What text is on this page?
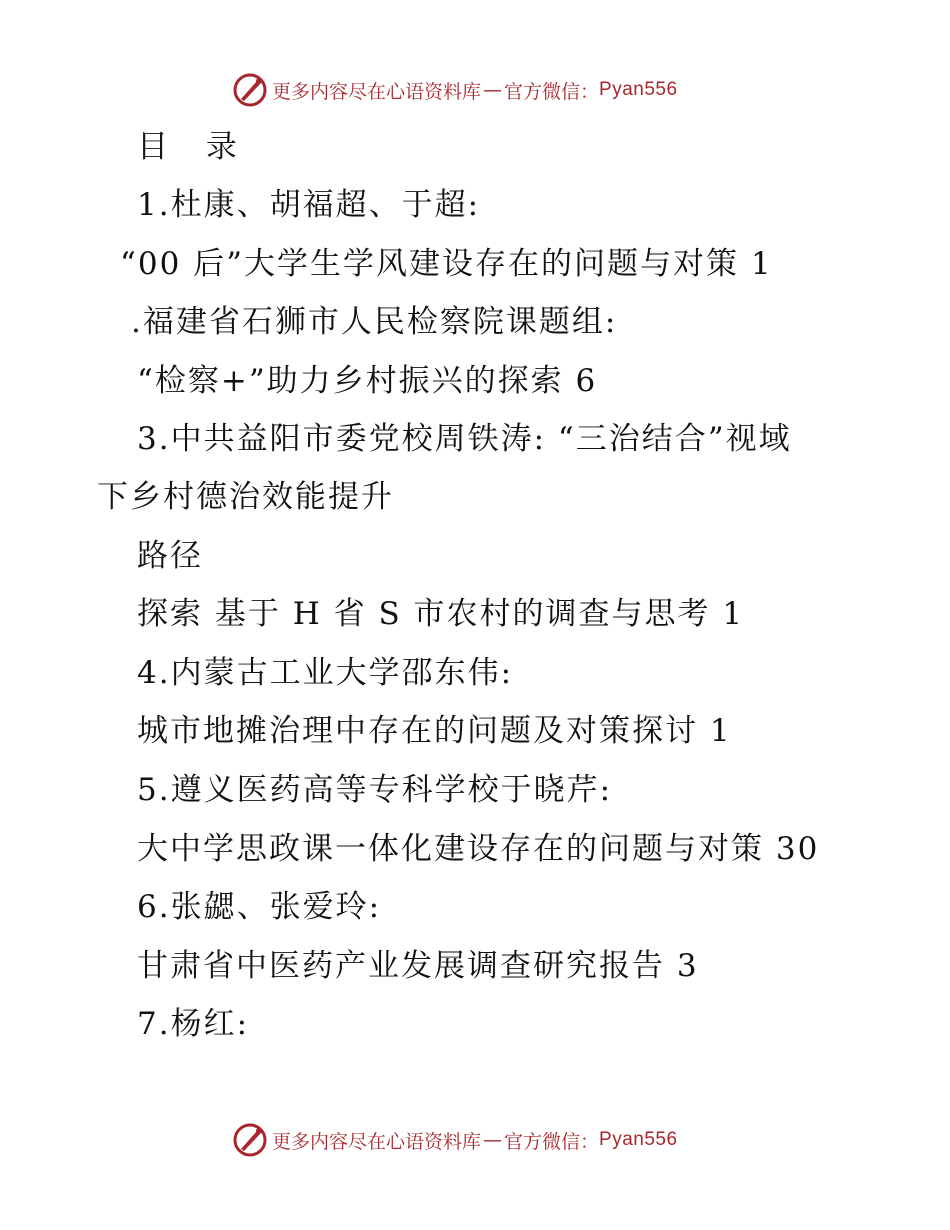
更多内容尽在心语资料库 — 官方微信： Pyan556
目 录
1.杜康、胡福超、于超:
“00 后”大学生学风建设存在的问题与对策 1
.福建省石狮市人民检察院课题组:
“检察+”助力乡村振兴的探索 6
3.中共益阳市委党校周铁涛: “三治结合”视域
下乡村德治效能提升
路径
探索 基于 H 省 S 市农村的调查与思考 1
4.内蒙古工业大学邵东伟:
城市地摊治理中存在的问题及对策探讨 1
5.遵义医药高等专科学校于晓芹:
大中学思政课一体化建设存在的问题与对策 30
6.张勰、张爱玲:
甘肃省中医药产业发展调查研究报告 3
7.杨红:
更多内容尽在心语资料库 — 官方微信： Pyan556
